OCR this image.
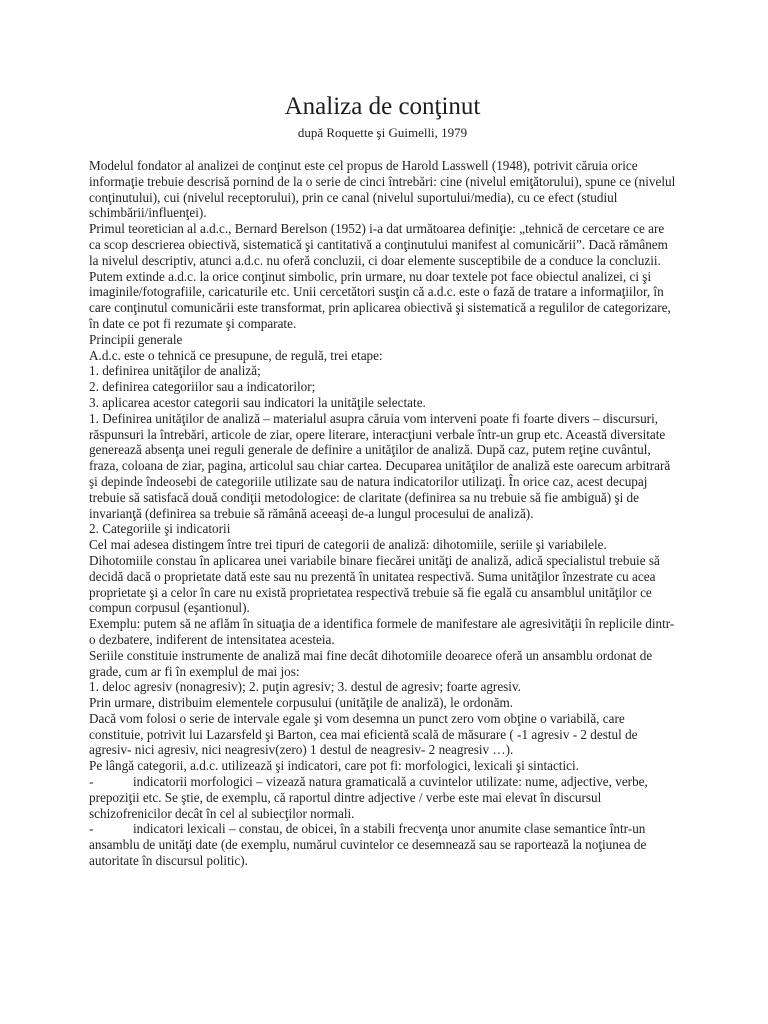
Analiza de conţinut
după Roquette şi Guimelli, 1979

Modelul fondator al analizei de conţinut este cel propus de Harold Lasswell (1948), potrivit căruia orice informaţie trebuie descrisă pornind de la o serie de cinci întrebări: cine (nivelul emiţătorului), spune ce (nivelul conţinutului), cui (nivelul receptorului), prin ce canal (nivelul suportului/media), cu ce efect (studiul schimbării/influenţei).

Primul teoretician al a.d.c., Bernard Berelson (1952) i-a dat următoarea definiţie: „tehnică de cercetare ce are ca scop descrierea obiectivă, sistematică şi cantitativă a conţinutului manifest al comunicării”. Dacă rămânem la nivelul descriptiv, atunci a.d.c. nu oferă concluzii, ci doar elemente susceptibile de a conduce la concluzii. Putem extinde a.d.c. la orice conţinut simbolic, prin urmare, nu doar textele pot face obiectul analizei, ci şi imaginile/fotografiile, caricaturile etc. Unii cercetători susţin că a.d.c. este o fază de tratare a informaţiilor, în care conţinutul comunicării este transformat, prin aplicarea obiectivă şi sistematică a regulilor de categorizare, în date ce pot fi rezumate şi comparate.

Principii generale

A.d.c. este o tehnică ce presupune, de regulă, trei etape:

1. definirea unităţilor de analiză;

2. definirea categoriilor sau a indicatorilor;

3. aplicarea acestor categorii sau indicatori la unităţile selectate.

1. Definirea unităţilor de analiză – materialul asupra căruia vom interveni poate fi foarte divers – discursuri, răspunsuri la întrebări, articole de ziar, opere literare, interacţiuni verbale într-un grup etc. Această diversitate generează absenţa unei reguli generale de definire a unităţilor de analiză. După caz, putem reţine cuvântul, fraza, coloana de ziar, pagina, articolul sau chiar cartea. Decuparea unităţilor de analiză este oarecum arbitrară şi depinde îndeosebi de categoriile utilizate sau de natura indicatorilor utilizaţi. În orice caz, acest decupaj trebuie să satisfacă două condiţii metodologice: de claritate (definirea sa nu trebuie să fie ambiguă) şi de invarianţă (definirea sa trebuie să rămână aceeaşi de-a lungul procesului de analiză).

2. Categoriile şi indicatorii

Cel mai adesea distingem între trei tipuri de categorii de analiză: dihotomiile, seriile şi variabilele.

Dihotomiile constau în aplicarea unei variabile binare fiecărei unităţi de analiză, adică specialistul trebuie să decidă dacă o proprietate dată este sau nu prezentă în unitatea respectivă. Suma unităţilor înzestrate cu acea proprietate şi a celor în care nu există proprietatea respectivă trebuie să fie egală cu ansamblul unităţilor ce compun corpusul (eşantionul).

Exemplu: putem să ne aflăm în situaţia de a identifica formele de manifestare ale agresivităţii în replicile dintr-o dezbatere, indiferent de intensitatea acesteia.

Seriile constituie instrumente de analiză mai fine decât dihotomiile deoarece oferă un ansamblu ordonat de grade, cum ar fi în exemplul de mai jos:

1. deloc agresiv (nonagresiv); 2. puţin agresiv; 3. destul de agresiv; foarte agresiv.

Prin urmare, distribuim elementele corpusului (unităţile de analiză), le ordonăm.

Dacă vom folosi o serie de intervale egale şi vom desemna un punct zero vom obţine o variabilă, care constituie, potrivit lui Lazarsfeld şi Barton, cea mai eficientă scală de măsurare ( -1 agresiv - 2 destul de agresiv- nici agresiv, nici neagresiv(zero) 1 destul de neagresiv- 2 neagresiv …).

Pe lângă categorii, a.d.c. utilizează şi indicatori, care pot fi: morfologici, lexicali şi sintactici.

-	indicatorii morfologici – vizează natura gramaticală a cuvintelor utilizate: nume, adjective, verbe, prepoziţii etc. Se ştie, de exemplu, că raportul dintre adjective / verbe este mai elevat în discursul schizofrenicilor decât în cel al subiecţilor normali.

-	indicatori lexicali – constau, de obicei, în a stabili frecvenţa unor anumite clase semantice într-un ansamblu de unităţi date (de exemplu, numărul cuvintelor ce desemnează sau se raportează la noţiunea de autoritate în discursul politic).
